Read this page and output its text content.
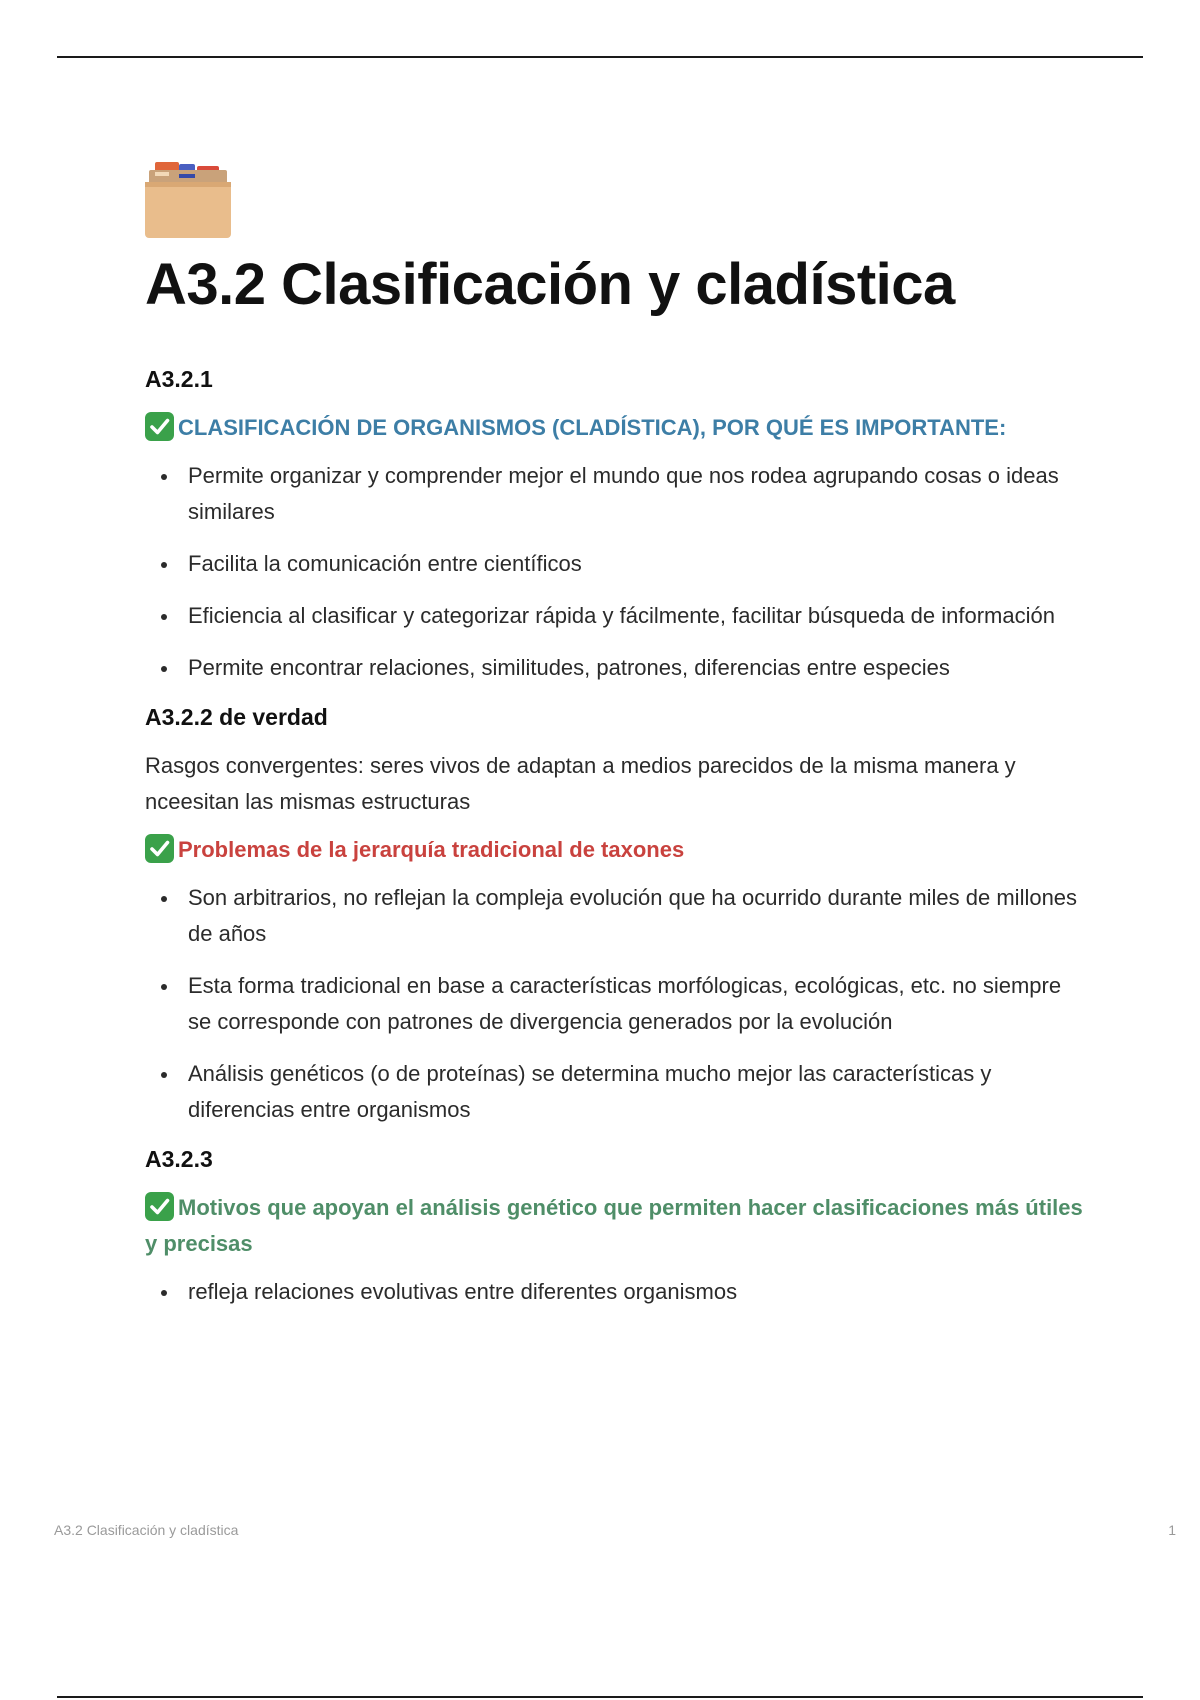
A3.2 Clasificación y cladística
A3.2.1
CLASIFICACIÓN DE ORGANISMOS (CLADÍSTICA), POR QUÉ ES IMPORTANTE:
Permite organizar y comprender mejor el mundo que nos rodea agrupando cosas o ideas similares
Facilita la comunicación entre científicos
Eficiencia al clasificar y categorizar rápida y fácilmente, facilitar búsqueda de información
Permite encontrar relaciones, similitudes, patrones, diferencias entre especies
A3.2.2 de verdad

Rasgos convergentes: seres vivos de adaptan a medios parecidos de la misma manera y nceesitan las mismas estructuras

Problemas de la jerarquía tradicional de taxones
Son arbitrarios, no reflejan la compleja evolución que ha ocurrido durante miles de millones de años
Esta forma tradicional en base a características morfólogicas, ecológicas, etc. no siempre se corresponde con patrones de divergencia generados por la evolución
Análisis genéticos (o de proteínas) se determina mucho mejor las características y diferencias entre organismos
A3.2.3
Motivos que apoyan el análisis genético que permiten hacer clasificaciones más útiles y precisas
refleja relaciones evolutivas entre diferentes organismos
A3.2 Clasificación y cladística	1
